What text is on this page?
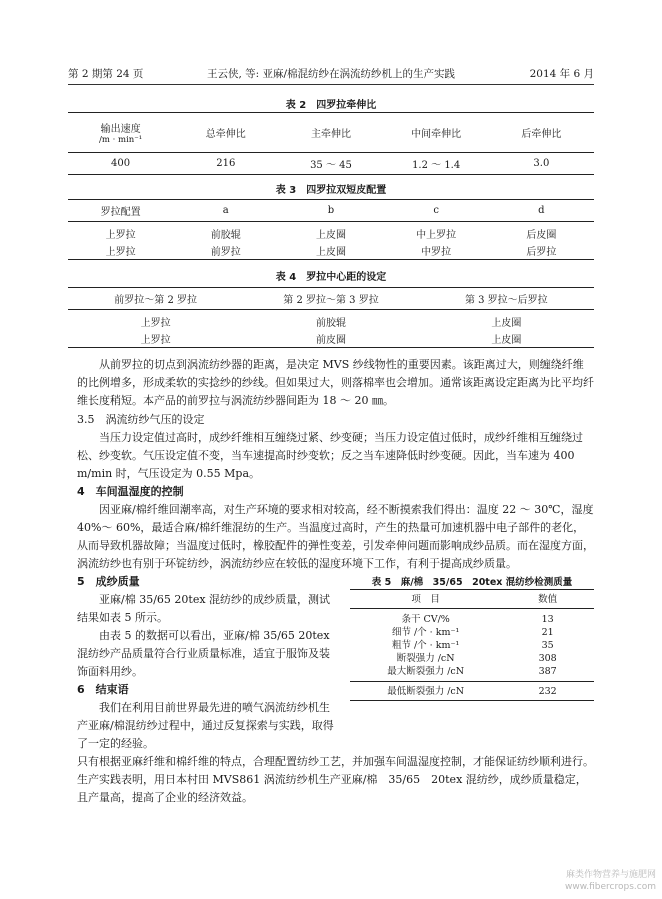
第 2 期第 24 页	王云侠, 等: 亚麻/棉混纺纱在涡流纺纱机上的生产实践	2014 年 6 月
表 2　四罗拉牵伸比
输出速度
/m · min⁻¹	总牵伸比	主牵伸比	中间牵伸比	后牵伸比
400	216	35 ～ 45	1.2 ～ 1.4	3.0
表 3　四罗拉双短皮配置
罗拉配置	a	b	c	d
上罗拉	前胶辊	上皮圈	中上罗拉	后皮圈
上罗拉	前罗拉	上皮圈	中罗拉	后罗拉
表 4　罗拉中心距的设定
前罗拉～第 2 罗拉	第 2 罗拉～第 3 罗拉	第 3 罗拉～后罗拉
上罗拉	前胶辊	上皮圈
上罗拉	前皮圈	上皮圈

从前罗拉的切点到涡流纺纱器的距离，是决定 MVS 纱线物性的重要因素。该距离过大，则缠绕纤维的比例增多，形成柔软的实捻纱的纱线。但如果过大，则落棉率也会增加。通常该距离设定距离为比平均纤维长度稍短。本产品的前罗拉与涡流纺纱器间距为 18 ～ 20 ㎜。

3.5　涡流纺纱气压的设定

当压力设定值过高时，成纱纤维相互缠绕过紧、纱变硬；当压力设定值过低时，成纱纤维相互缠绕过松、纱变软。气压设定值不变，当车速提高时纱变软；反之当车速降低时纱变硬。因此，当车速为 400 m/min 时，气压设定为 0.55 Mpa。

4　车间温湿度的控制

因亚麻/棉纤维回潮率高，对生产环境的要求相对较高，经不断摸索我们得出：温度 22 ～ 30℃，湿度 40%～ 60%，最适合麻/棉纤维混纺的生产。当温度过高时，产生的热量可加速机器中电子部件的老化，从而导致机器故障；当温度过低时，橡胶配件的弹性变差，引发牵伸问题而影响成纱品质。而在湿度方面，涡流纺纱也有别于环锭纺纱，涡流纺纱应在较低的湿度环境下工作，有利于提高成纱质量。

5　成纱质量

亚麻/棉 35/65 20tex 混纺纱的成纱质量，测试结果如表 5 所示。

由表 5 的数据可以看出，亚麻/棉 35/65 20tex 混纺纱产品质量符合行业质量标准，适宜于服饰及装饰面料用纱。

6　结束语

我们在利用目前世界最先进的喷气涡流纺纱机生产亚麻/棉混纺纱过程中，通过反复探索与实践，取得了一定的经验。

只有根据亚麻纤维和棉纤维的特点，合理配置纺纱工艺，并加强车间温湿度控制，才能保证纺纱顺利进行。生产实践表明，用日本村田 MVS861 涡流纺纱机生产亚麻/棉　35/65　20tex 混纺纱，成纱质量稳定，且产量高，提高了企业的经济效益。

表 5　麻/棉　35/65　20tex 混纺纱检测质量
项　目	数值
条干 CV/%	13
细节 /个 · km⁻¹	21
粗节 /个 · km⁻¹	35
断裂强力 /cN	308
最大断裂强力 /cN	387
最低断裂强力 /cN	232
麻类作物营养与施肥网
www.fibercrops.com
